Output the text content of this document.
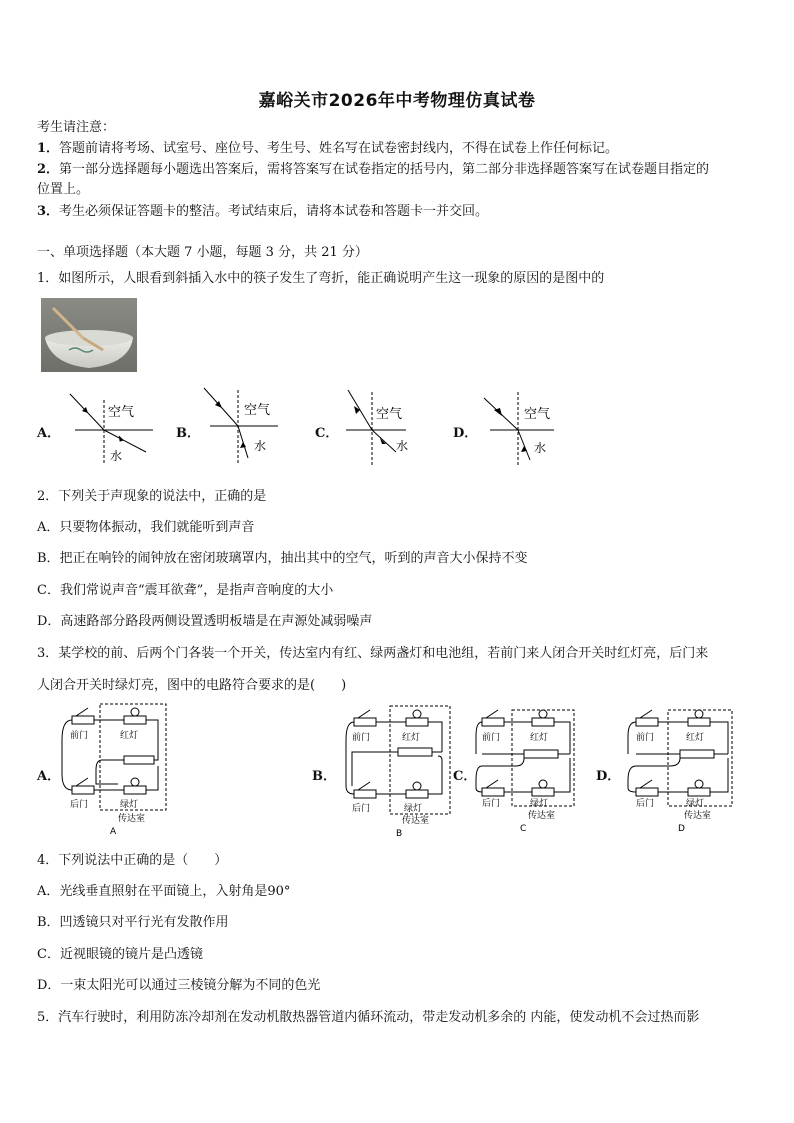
嘉峪关市2026年中考物理仿真试卷
考生请注意：
1．答题前请将考场、试室号、座位号、考生号、姓名写在试卷密封线内，不得在试卷上作任何标记。
2．第一部分选择题每小题选出答案后，需将答案写在试卷指定的括号内，第二部分非选择题答案写在试卷题目指定的
位置上。
3．考生必须保证答题卡的整洁。考试结束后，请将本试卷和答题卡一并交回。
一、单项选择题（本大题 7 小题，每题 3 分，共 21 分）
1．如图所示，人眼看到斜插入水中的筷子发生了弯折，能正确说明产生这一现象的原因的是图中的
A．	B．	C．	D．
空气
水
空气
水
空气
水
空气
水
2．下列关于声现象的说法中，正确的是
A．只要物体振动，我们就能听到声音
B．把正在响铃的闹钟放在密闭玻璃罩内，抽出其中的空气，听到的声音大小保持不变
C．我们常说声音“震耳欲聋”，是指声音响度的大小
D．高速路部分路段两侧设置透明板墙是在声源处减弱噪声
3．某学校的前、后两个门各装一个开关，传达室内有红、绿两盏灯和电池组，若前门来人闭合开关时红灯亮，后门来
人闭合开关时绿灯亮，图中的电路符合要求的是(　　)
A．	B．	C．	D．
前门	红灯
后门	绿灯
传达室
A
前门	红灯
后门	绿灯
传达室
B
前门	红灯
后门	绿灯
传达室
C
前门	红灯
后门	绿灯
传达室
D
4．下列说法中正确的是（　　）
A．光线垂直照射在平面镜上，入射角是90°
B．凹透镜只对平行光有发散作用
C．近视眼镜的镜片是凸透镜
D．一束太阳光可以通过三棱镜分解为不同的色光
5．汽车行驶时，利用防冻冷却剂在发动机散热器管道内循环流动，带走发动机多余的 内能，使发动机不会过热而影
